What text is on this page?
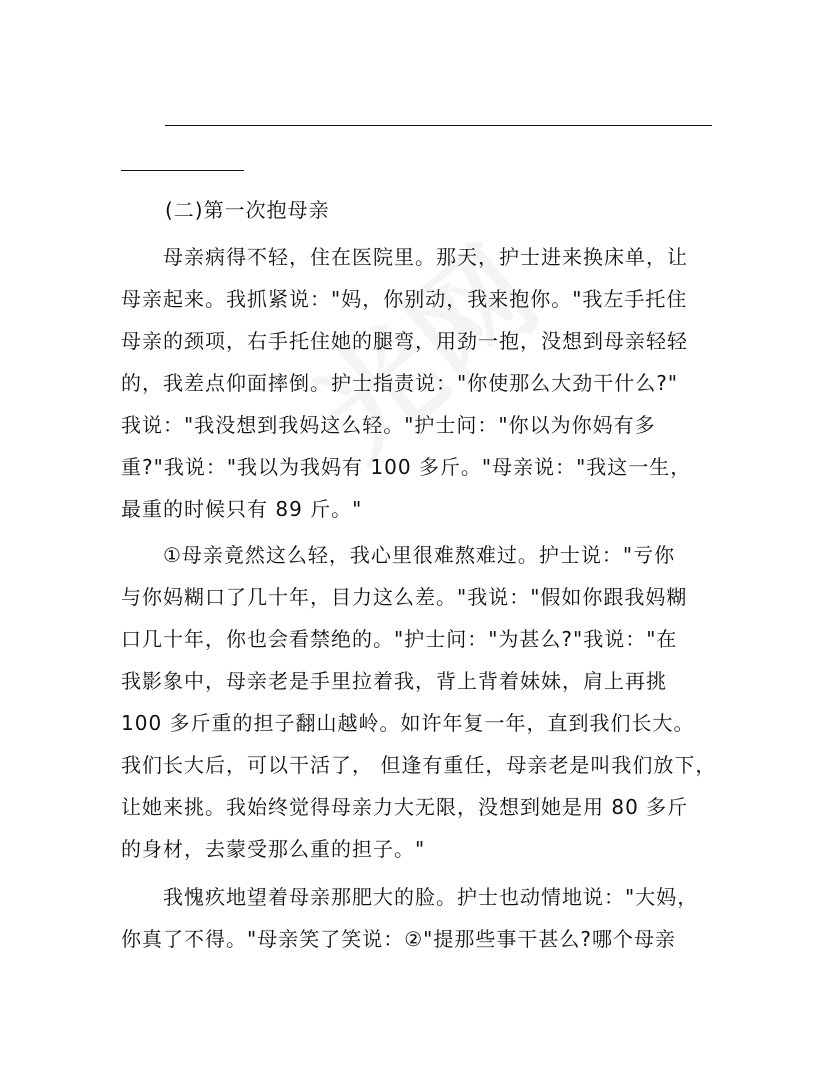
(二)第一次抱母亲
　　母亲病得不轻，住在医院里。那天，护士进来换床单，让
母亲起来。我抓紧说："妈，你别动，我来抱你。"我左手托住
母亲的颈项，右手托住她的腿弯，用劲一抱，没想到母亲轻轻
的，我差点仰面摔倒。护士指责说："你使那么大劲干什么?"
我说："我没想到我妈这么轻。"护士问："你以为你妈有多
重?"我说："我以为我妈有 100 多斤。"母亲说："我这一生，
最重的时候只有 89 斤。"
　　①母亲竟然这么轻，我心里很难熬难过。护士说："亏你
与你妈糊口了几十年，目力这么差。"我说："假如你跟我妈糊
口几十年，你也会看禁绝的。"护士问："为甚么?"我说："在
我影象中，母亲老是手里拉着我，背上背着妹妹，肩上再挑
100 多斤重的担子翻山越岭。如许年复一年，直到我们长大。
我们长大后，可以干活了， 但逢有重任，母亲老是叫我们放下，
让她来挑。我始终觉得母亲力大无限，没想到她是用 80 多斤
的身材，去蒙受那么重的担子。"
　　我愧疚地望着母亲那肥大的脸。护士也动情地说："大妈，
你真了不得。"母亲笑了笑说：②"提那些事干甚么?哪个母亲
